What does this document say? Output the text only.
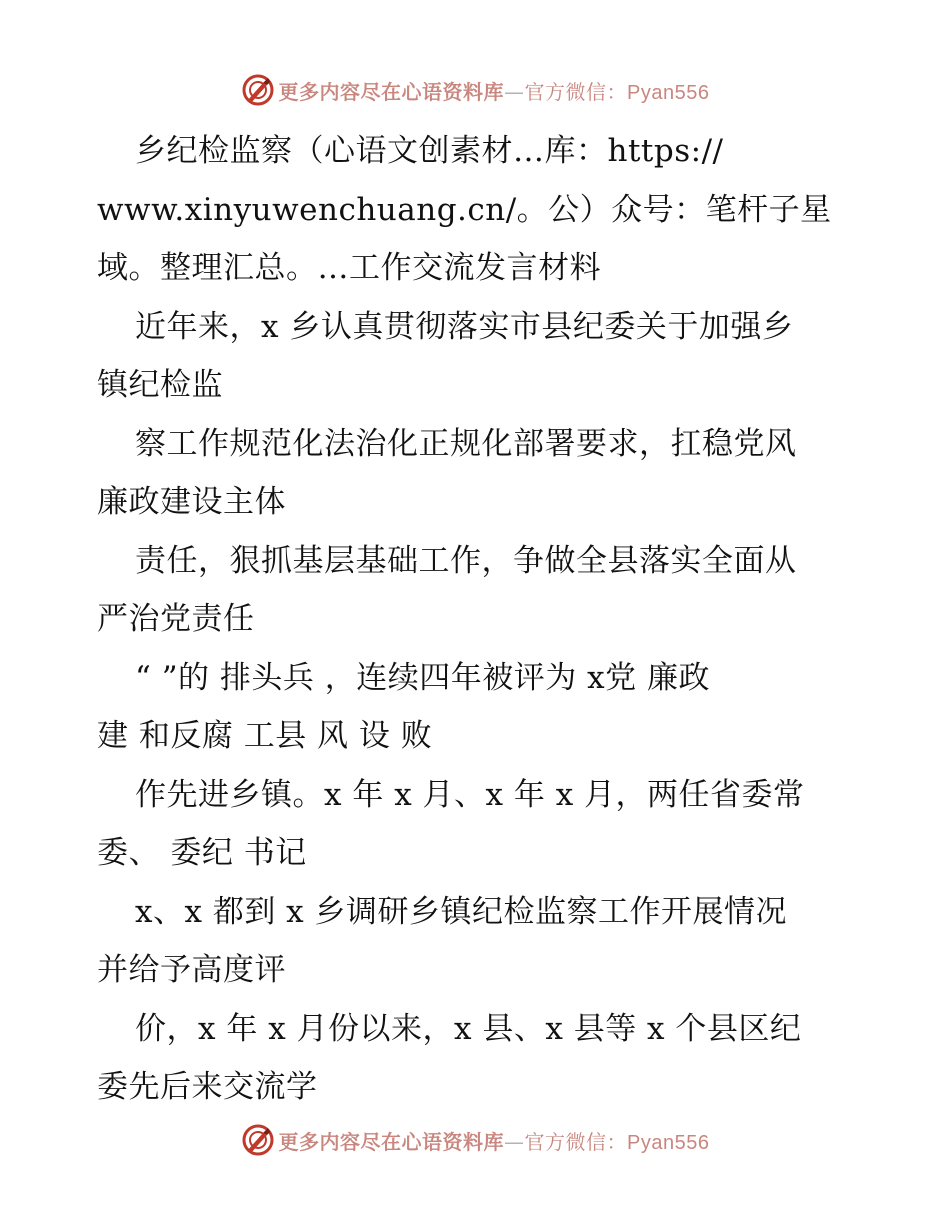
更多内容尽在心语资料库—官方微信：Pyan556

乡纪检监察（心语文创素材…库：https://

www.xinyuwenchuang.cn/。公）众号：笔杆子星

域。整理汇总。…工作交流发言材料

近年来，x 乡认真贯彻落实市县纪委关于加强乡

镇纪检监

察工作规范化法治化正规化部署要求，扛稳党风

廉政建设主体

责任，狠抓基层基础工作，争做全县落实全面从

严治党责任

“ ”的 排头兵 ，连续四年被评为 x党 廉政

建 和反腐 工县 风 设 败

作先进乡镇。x 年 x 月、x 年 x 月，两任省委常

委、 委纪 书记

x、x 都到 x 乡调研乡镇纪检监察工作开展情况

并给予高度评

价，x 年 x 月份以来，x 县、x 县等 x 个县区纪

委先后来交流学

更多内容尽在心语资料库—官方微信：Pyan556
